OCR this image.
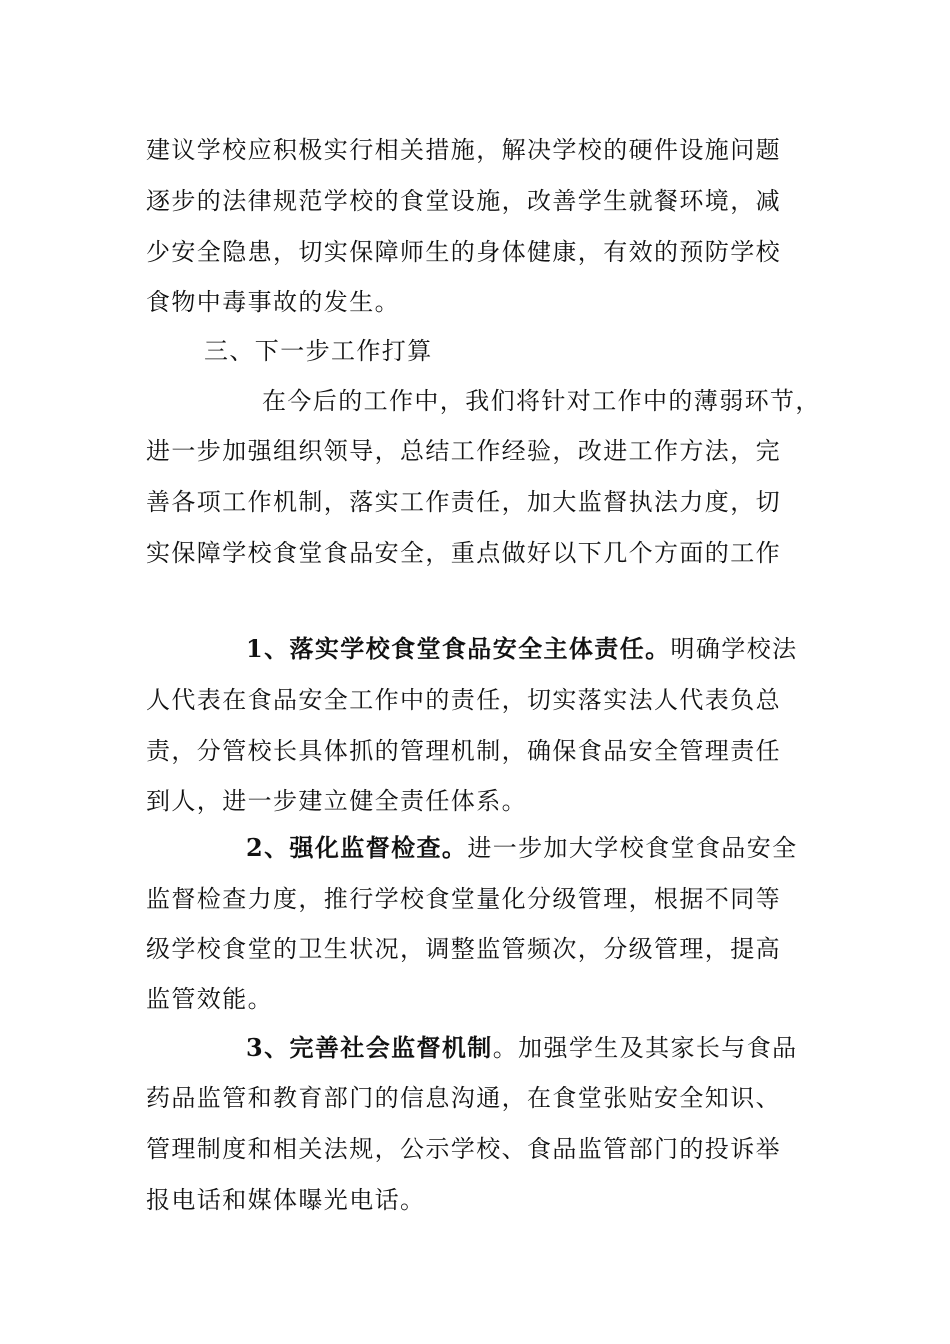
建议学校应积极实行相关措施，解决学校的硬件设施问题
逐步的法律规范学校的食堂设施，改善学生就餐环境，减
少安全隐患，切实保障师生的身体健康，有效的预防学校
食物中毒事故的发生。
三、下一步工作打算
在今后的工作中，我们将针对工作中的薄弱环节，
进一步加强组织领导，总结工作经验，改进工作方法，完
善各项工作机制，落实工作责任，加大监督执法力度，切
实保障学校食堂食品安全，重点做好以下几个方面的工作
1、落实学校食堂食品安全主体责任。明确学校法
人代表在食品安全工作中的责任，切实落实法人代表负总
责，分管校长具体抓的管理机制，确保食品安全管理责任
到人，进一步建立健全责任体系。
2、强化监督检查。进一步加大学校食堂食品安全
监督检查力度，推行学校食堂量化分级管理，根据不同等
级学校食堂的卫生状况，调整监管频次，分级管理，提高
监管效能。
3、完善社会监督机制。加强学生及其家长与食品
药品监管和教育部门的信息沟通，在食堂张贴安全知识、
管理制度和相关法规，公示学校、食品监管部门的投诉举
报电话和媒体曝光电话。
